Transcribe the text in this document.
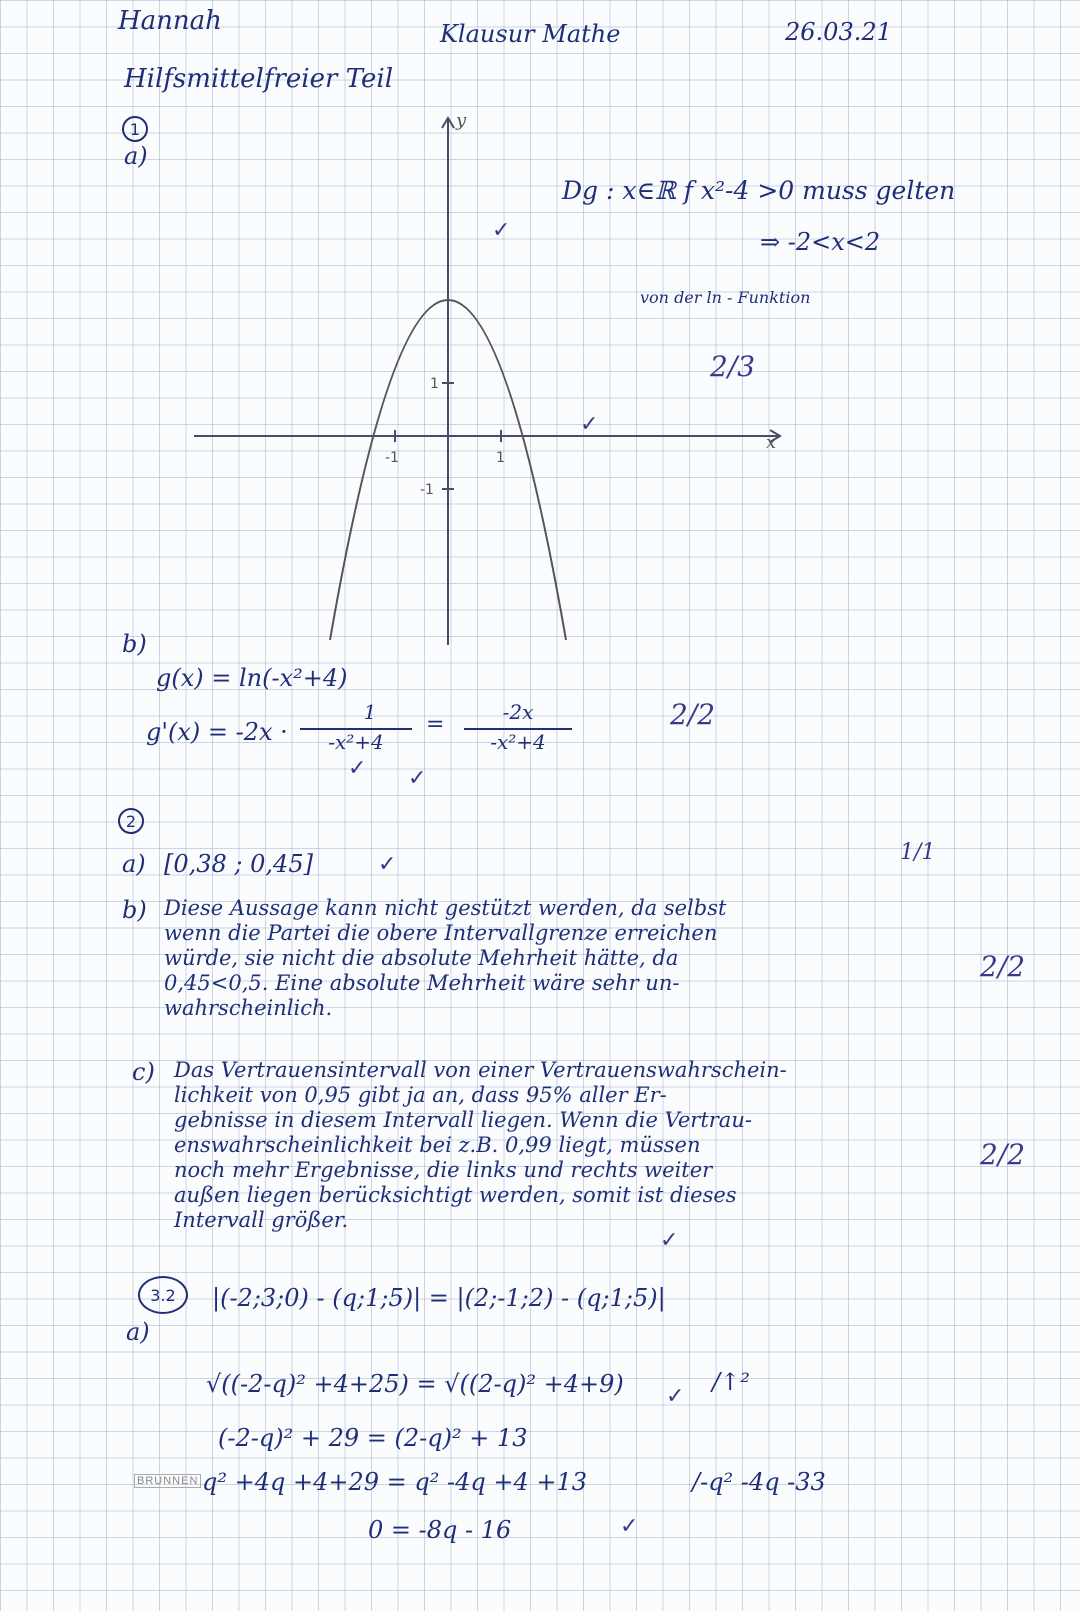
Hannah	Klausur Mathe	26.03.21
Hilfsmittelfreier Teil
1
a)
y
x
-1	1
1
-1
✓
✓
Dg : x∈ℝ f x²-4 >0 muss gelten
⇒ -2<x<2
von der ln - Funktion
2/3
b)
g(x) = ln(-x²+4)
g'(x) = -2x ·
1
-x²+4
=	-2x
-x²+4
✓ ✓
2/2
2
a) [0,38 ; 0,45]	✓	1/1
b) Diese Aussage kann nicht gestützt werden, da selbst
wenn die Partei die obere Intervallgrenze erreichen
würde, sie nicht die absolute Mehrheit hätte, da
0,45<0,5. Eine absolute Mehrheit wäre sehr un-
wahrscheinlich.
2/2
c) Das Vertrauensintervall von einer Vertrauenswahrschein-
lichkeit von 0,95 gibt ja an, dass 95% aller Er-
gebnisse in diesem Intervall liegen. Wenn die Vertrau-
enswahrscheinlichkeit bei z.B. 0,99 liegt, müssen
noch mehr Ergebnisse, die links und rechts weiter
außen liegen berücksichtigt werden, somit ist dieses
Intervall größer.
✓
2/2
3.2
a)
|(-2;3;0) - (q;1;5)| = |(2;-1;2) - (q;1;5)|
√((-2-q)² +4+25) = √((2-q)² +4+9) ✓
/↑²
(-2-q)² + 29 = (2-q)² + 13
BRUNNEN q² +4q +4+29 = q² -4q +4 +13	/-q² -4q -33
0 = -8q - 16	✓
